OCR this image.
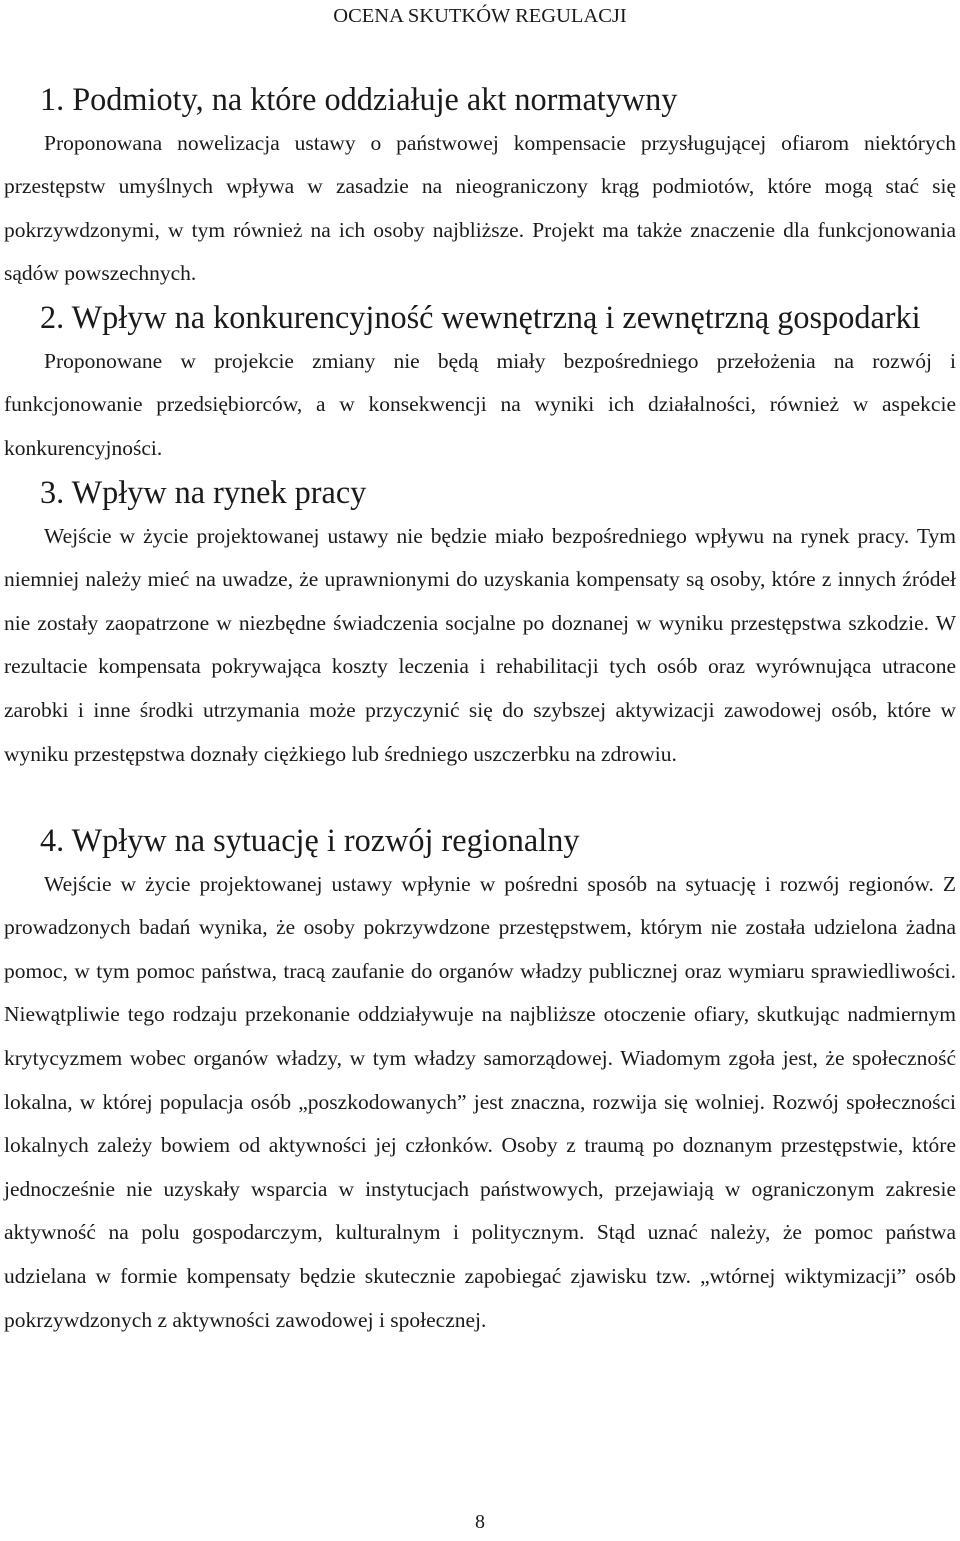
OCENA SKUTKÓW REGULACJI
1. Podmioty, na które oddziałuje akt normatywny

Proponowana nowelizacja ustawy o państwowej kompensacie przysługującej ofiarom niektórych przestępstw umyślnych wpływa w zasadzie na nieograniczony krąg podmiotów, które mogą stać się pokrzywdzonymi, w tym również na ich osoby najbliższe. Projekt ma także znaczenie dla funkcjonowania sądów powszechnych.

2. Wpływ na konkurencyjność wewnętrzną i zewnętrzną gospodarki

Proponowane w projekcie zmiany nie będą miały bezpośredniego przełożenia na rozwój i funkcjonowanie przedsiębiorców, a w konsekwencji na wyniki ich działalności, również w aspekcie konkurencyjności.

3. Wpływ na rynek pracy

Wejście w życie projektowanej ustawy nie będzie miało bezpośredniego wpływu na rynek pracy. Tym niemniej należy mieć na uwadze, że uprawnionymi do uzyskania kompensaty są osoby, które z innych źródeł nie zostały zaopatrzone w niezbędne świadczenia socjalne po doznanej w wyniku przestępstwa szkodzie. W rezultacie kompensata pokrywająca koszty leczenia i rehabilitacji tych osób oraz wyrównująca utracone zarobki i inne środki utrzymania może przyczynić się do szybszej aktywizacji zawodowej osób, które w wyniku przestępstwa doznały ciężkiego lub średniego uszczerbku na zdrowiu.

4. Wpływ na sytuację i rozwój regionalny

Wejście w życie projektowanej ustawy wpłynie w pośredni sposób na sytuację i rozwój regionów. Z prowadzonych badań wynika, że osoby pokrzywdzone przestępstwem, którym nie została udzielona żadna pomoc, w tym pomoc państwa, tracą zaufanie do organów władzy publicznej oraz wymiaru sprawiedliwości. Niewątpliwie tego rodzaju przekonanie oddziaływuje na najbliższe otoczenie ofiary, skutkując nadmiernym krytycyzmem wobec organów władzy, w tym władzy samorządowej. Wiadomym zgoła jest, że społeczność lokalna, w której populacja osób „poszkodowanych” jest znaczna, rozwija się wolniej. Rozwój społeczności lokalnych zależy bowiem od aktywności jej członków. Osoby z traumą po doznanym przestępstwie, które jednocześnie nie uzyskały wsparcia w instytucjach państwowych, przejawiają w ograniczonym zakresie aktywność na polu gospodarczym, kulturalnym i politycznym. Stąd uznać należy, że pomoc państwa udzielana w formie kompensaty będzie skutecznie zapobiegać zjawisku tzw. „wtórnej wiktymizacji” osób pokrzywdzonych z aktywności zawodowej i społecznej.

8
